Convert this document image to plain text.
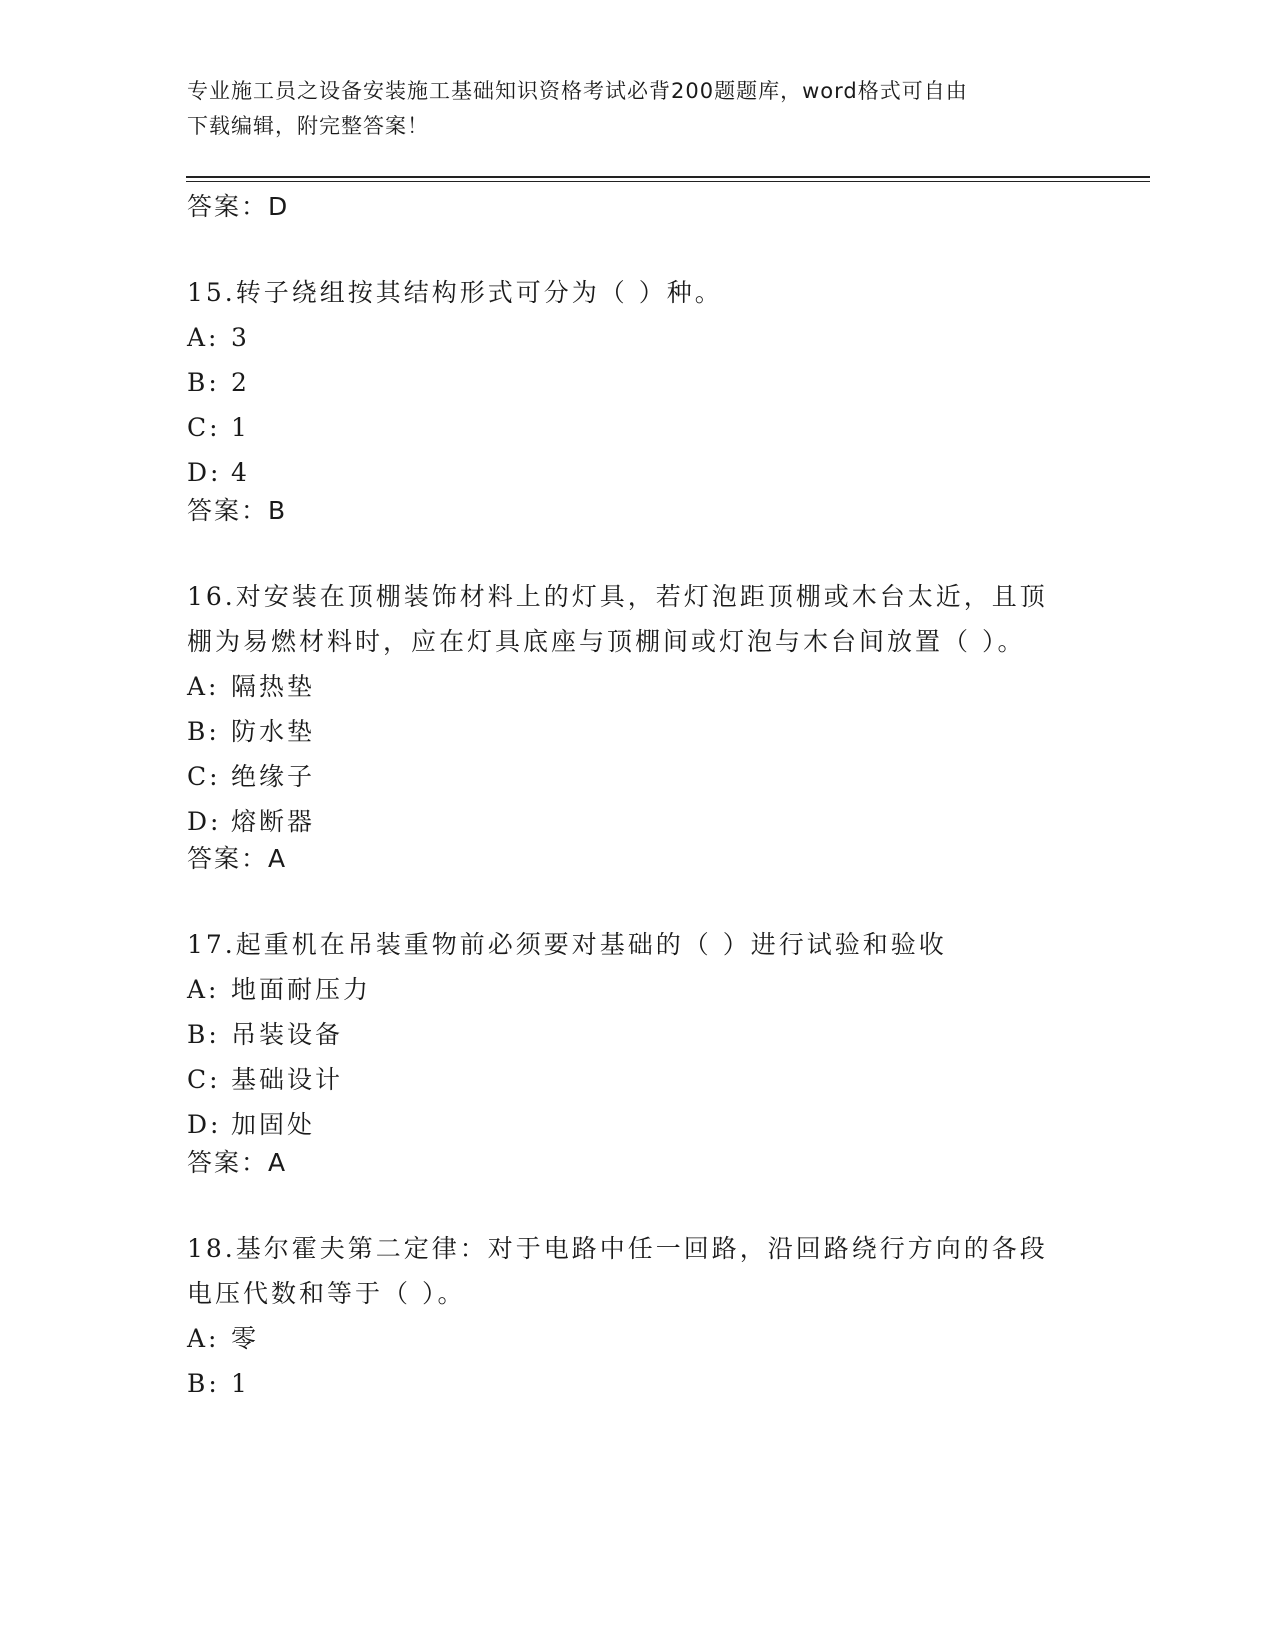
专业施工员之设备安装施工基础知识资格考试必背200题题库，word格式可自由
下载编辑，附完整答案！
答案：D
15.转子绕组按其结构形式可分为（ ）种。
A: 3
B: 2
C: 1
D: 4
答案：B
16.对安装在顶棚装饰材料上的灯具，若灯泡距顶棚或木台太近，且顶
棚为易燃材料时，应在灯具底座与顶棚间或灯泡与木台间放置（ ）。
A: 隔热垫
B: 防水垫
C: 绝缘子
D: 熔断器
答案：A
17.起重机在吊装重物前必须要对基础的（ ）进行试验和验收
A: 地面耐压力
B: 吊装设备
C: 基础设计
D: 加固处
答案：A
18.基尔霍夫第二定律：对于电路中任一回路，沿回路绕行方向的各段
电压代数和等于（ ）。
A: 零
B: 1
